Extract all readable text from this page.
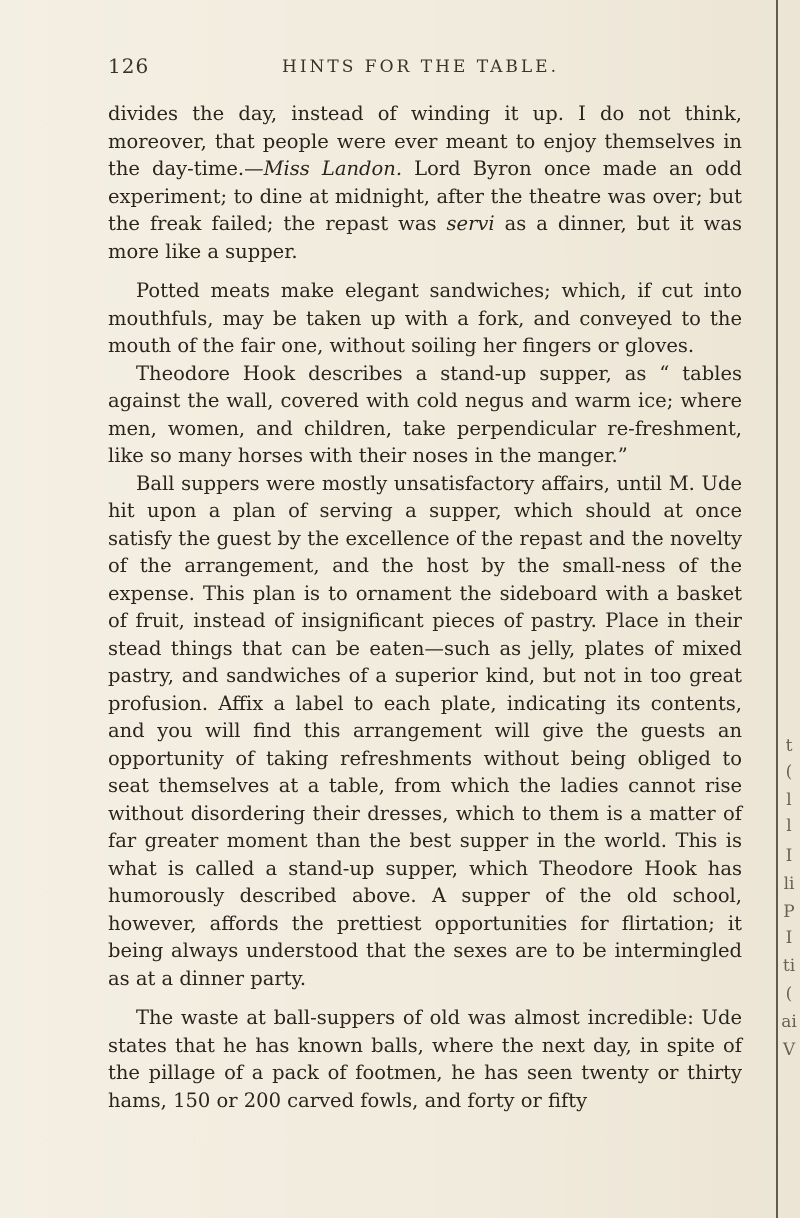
126	HINTS FOR THE TABLE.

divides the day, instead of winding it up. I do not think, moreover, that people were ever meant to enjoy themselves in the day-time.—Miss Landon. Lord Byron once made an odd experiment; to dine at midnight, after the theatre was over; but the freak failed; the repast was servi as a dinner, but it was more like a supper.

Potted meats make elegant sandwiches; which, if cut into mouthfuls, may be taken up with a fork, and conveyed to the mouth of the fair one, without soiling her fingers or gloves.

Theodore Hook describes a stand-up supper, as “ tables against the wall, covered with cold negus and warm ice; where men, women, and children, take perpendicular re-freshment, like so many horses with their noses in the manger.”

Ball suppers were mostly unsatisfactory affairs, until M. Ude hit upon a plan of serving a supper, which should at once satisfy the guest by the excellence of the repast and the novelty of the arrangement, and the host by the small-ness of the expense. This plan is to ornament the sideboard with a basket of fruit, instead of insignificant pieces of pastry. Place in their stead things that can be eaten—such as jelly, plates of mixed pastry, and sandwiches of a superior kind, but not in too great profusion. Affix a label to each plate, indicating its contents, and you will find this arrangement will give the guests an opportunity of taking refreshments without being obliged to seat themselves at a table, from which the ladies cannot rise without disordering their dresses, which to them is a matter of far greater moment than the best supper in the world. This is what is called a stand-up supper, which Theodore Hook has humorously described above. A supper of the old school, however, affords the prettiest opportunities for flirtation; it being always understood that the sexes are to be intermingled as at a dinner party.

The waste at ball-suppers of old was almost incredible: Ude states that he has known balls, where the next day, in spite of the pillage of a pack of footmen, he has seen twenty or thirty hams, 150 or 200 carved fowls, and forty or fifty

t
(
l
l
I
li
P
I
ti
(
ai
V
